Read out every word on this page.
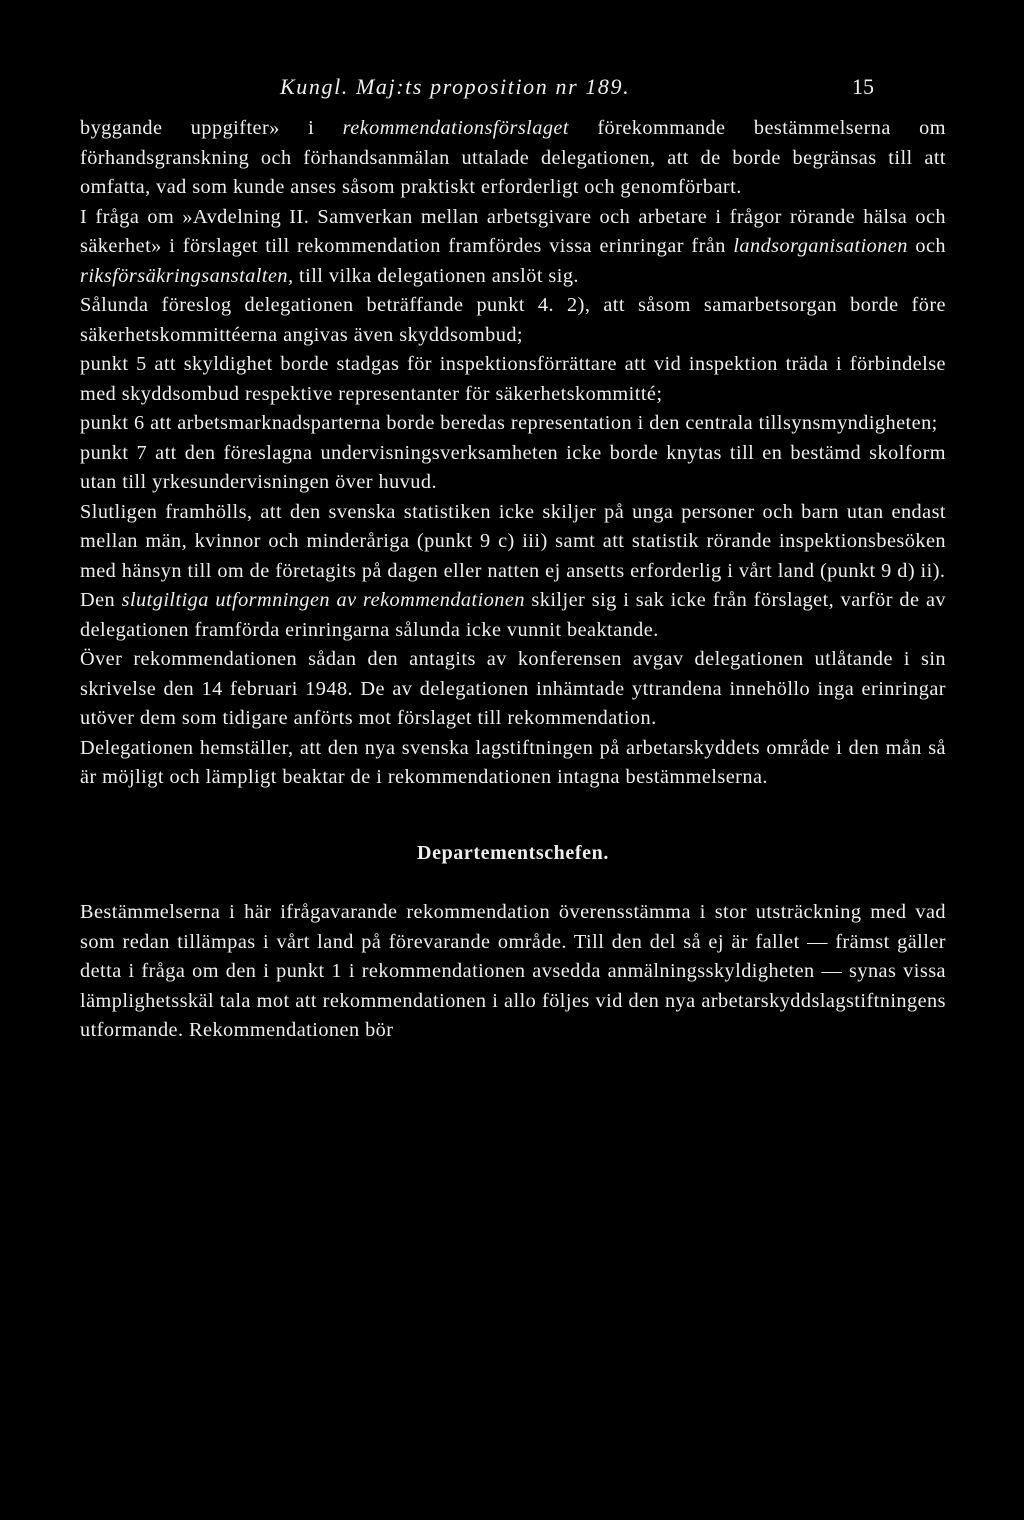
Kungl. Maj:ts proposition nr 189.	15

byggande uppgifter» i rekommendationsförslaget förekommande bestämmelserna om förhandsgranskning och förhandsanmälan uttalade delegationen, att de borde begränsas till att omfatta, vad som kunde anses såsom praktiskt erforderligt och genomförbart.

I fråga om »Avdelning II. Samverkan mellan arbetsgivare och arbetare i frågor rörande hälsa och säkerhet» i förslaget till rekommendation framfördes vissa erinringar från landsorganisationen och riksförsäkringsanstalten, till vilka delegationen anslöt sig.

Sålunda föreslog delegationen beträffande punkt 4. 2), att såsom samarbetsorgan borde före säkerhetskommittéerna angivas även skyddsombud;

punkt 5 att skyldighet borde stadgas för inspektionsförrättare att vid inspektion träda i förbindelse med skyddsombud respektive representanter för säkerhetskommitté;

punkt 6 att arbetsmarknadsparterna borde beredas representation i den centrala tillsynsmyndigheten;

punkt 7 att den föreslagna undervisningsverksamheten icke borde knytas till en bestämd skolform utan till yrkesundervisningen över huvud.

Slutligen framhölls, att den svenska statistiken icke skiljer på unga personer och barn utan endast mellan män, kvinnor och minderåriga (punkt 9 c) iii) samt att statistik rörande inspektionsbesöken med hänsyn till om de företagits på dagen eller natten ej ansetts erforderlig i vårt land (punkt 9 d) ii).

Den slutgiltiga utformningen av rekommendationen skiljer sig i sak icke från förslaget, varför de av delegationen framförda erinringarna sålunda icke vunnit beaktande.

Över rekommendationen sådan den antagits av konferensen avgav delegationen utlåtande i sin skrivelse den 14 februari 1948. De av delegationen inhämtade yttrandena innehöllo inga erinringar utöver dem som tidigare anförts mot förslaget till rekommendation.

Delegationen hemställer, att den nya svenska lagstiftningen på arbetarskyddets område i den mån så är möjligt och lämpligt beaktar de i rekommendationen intagna bestämmelserna.

Departementschefen.

Bestämmelserna i här ifrågavarande rekommendation överensstämma i stor utsträckning med vad som redan tillämpas i vårt land på förevarande område. Till den del så ej är fallet — främst gäller detta i fråga om den i punkt 1 i rekommendationen avsedda anmälningsskyldigheten — synas vissa lämplighetsskäl tala mot att rekommendationen i allo följes vid den nya arbetarskyddslagstiftningens utformande. Rekommendationen bör
